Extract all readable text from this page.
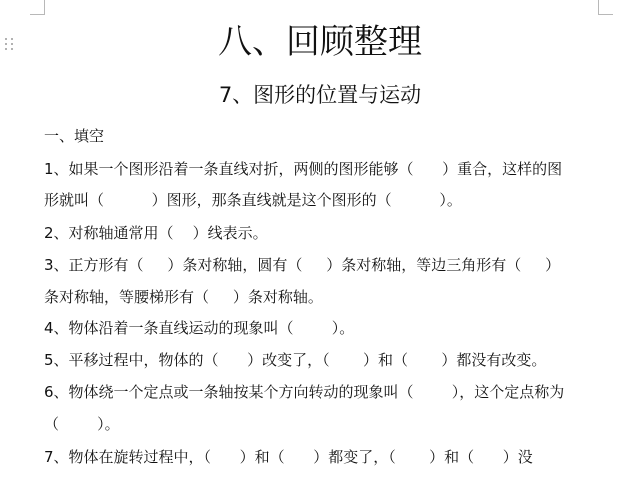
八、回顾整理
7、图形的位置与运动
一、填空
1、如果一个图形沿着一条直线对折，两侧的图形能够（      ）重合，这样的图
形就叫（          ）图形，那条直线就是这个图形的（          ）。
2、对称轴通常用（    ）线表示。
3、正方形有（     ）条对称轴，圆有（     ）条对称轴，等边三角形有（     ）
条对称轴，等腰梯形有（     ）条对称轴。
4、物体沿着一条直线运动的现象叫（        ）。
5、平移过程中，物体的（      ）改变了，（       ）和（       ）都没有改变。
6、物体绕一个定点或一条轴按某个方向转动的现象叫（        ），这个定点称为
（        ）。
7、物体在旋转过程中，（      ）和（      ）都变了，（       ）和（      ）没
